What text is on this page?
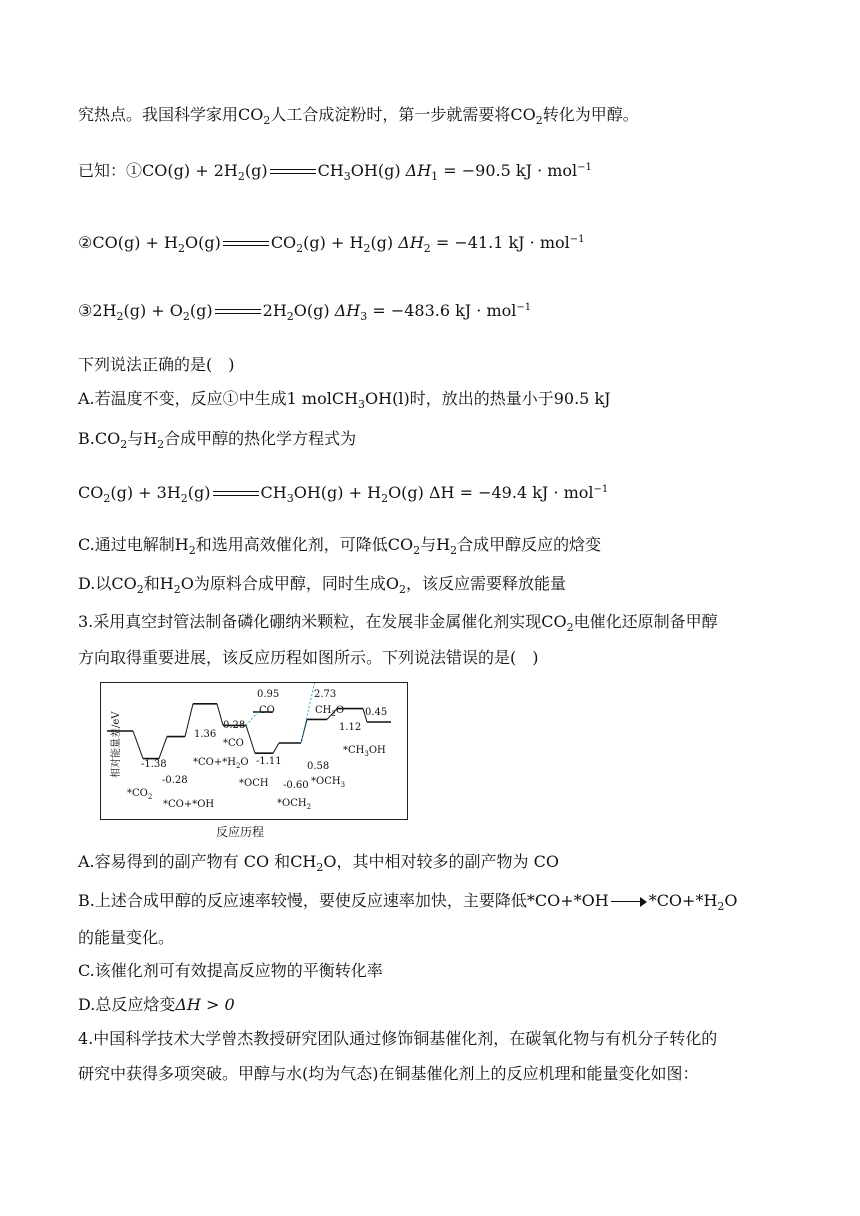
究热点。我国科学家用$CO_2$人工合成淀粉时，第一步就需要将$CO_2$转化为甲醇。
已知：①CO(g) + $2H_2(g)$	$CH_3OH(g) \Delta H_1 = -90.5$ kJ · mol$^{-1}$
②CO(g) + $H_2O(g)$	$CO_2(g) + H_2(g) \Delta H_2 = -41.1$ kJ · mol$^{-1}$
$③2H_2(g) + O_2(g)$	$2H_2O(g) \Delta H_3 = -483.6$ kJ · mol$^{-1}$
下列说法正确的是(　)
A.若温度不变，反应①中生成1 molCH$_3$OH(l)时，放出的热量小于90.5 kJ
$B.CO_2$与$H_2$合成甲醇的热化学方程式为
$CO_2(g) + 3H_2(g)$	$CH_3OH(g) + H_2O(g) \Delta H = -49.4$ kJ · mol$^{-1}$
C.通过电解制$H_2$和选用高效催化剂，可降低$CO_2$与$H_2$合成甲醇反应的焓变
D.以$CO_2$和$H_2O$为原料合成甲醇，同时生成$O_2$，该反应需要释放能量
3.采用真空封管法制备磷化硼纳米颗粒，在发展非金属催化剂实现$CO_2$电催化还原制备甲醇
方向取得重要进展，该反应历程如图所示。下列说法错误的是(　)
相对能量差/eV -1.38
-0.28
1.36
0.28
-1.11
-0.60
0.58
1.12
0.45
0.95	2.73
$*CO_2$
*CO+*OH
$*CO+*H_2O$
*CO
*OCH
$*OCH_2$
$*OCH_3$
$*CH_3OH$
CO	$CH_2O$
反应历程
A.容易得到的副产物有 CO 和$CH_2O$，其中相对较多的副产物为 CO
B.上述合成甲醇的反应速率较慢，要使反应速率加快，主要降低*CO+*OH	$*CO+*H_2O$
的能量变化。
C.该催化剂可有效提高反应物的平衡转化率
D.总反应焓变ΔH > 0
4.中国科学技术大学曾杰教授研究团队通过修饰铜基催化剂，在碳氧化物与有机分子转化的
研究中获得多项突破。甲醇与水(均为气态)在铜基催化剂上的反应机理和能量变化如图：
